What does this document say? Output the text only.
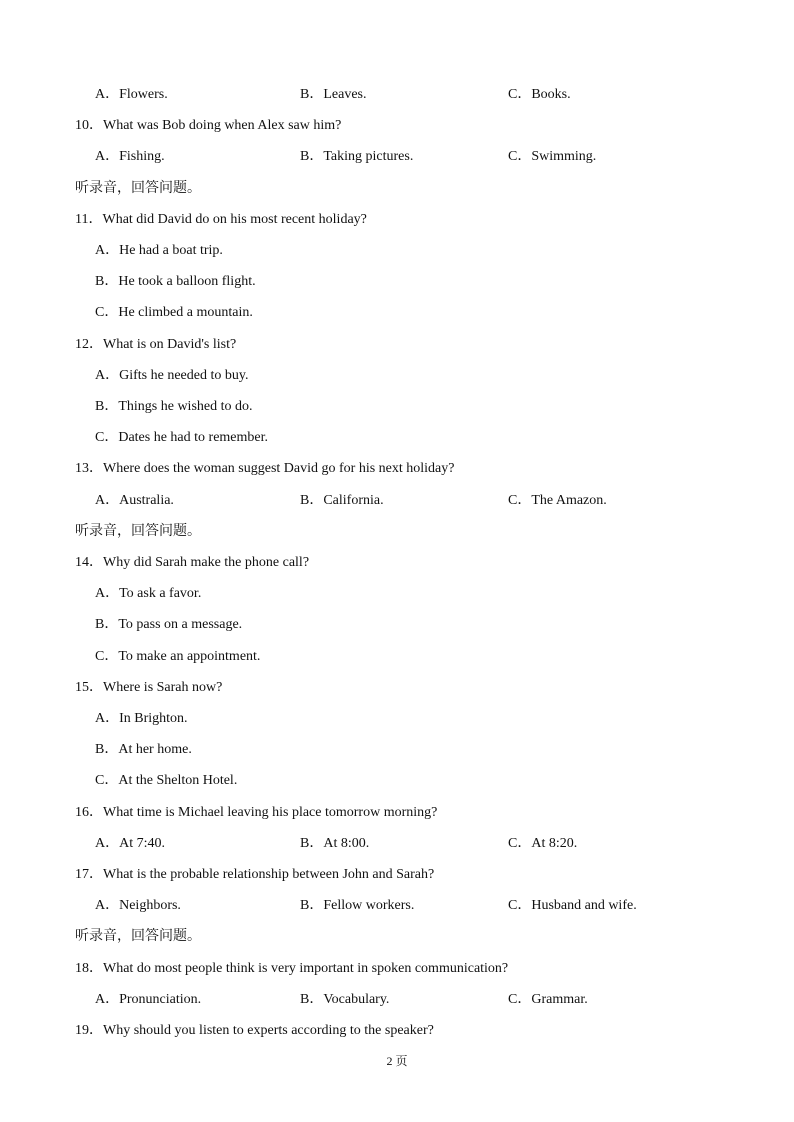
A．Flowers.	B．Leaves.	C．Books.
10．What was Bob doing when Alex saw him?
A．Fishing.	B．Taking pictures.	C．Swimming.
听录音，回答问题。
11．What did David do on his most recent holiday?
A．He had a boat trip.
B．He took a balloon flight.
C．He climbed a mountain.
12．What is on David's list?
A．Gifts he needed to buy.
B．Things he wished to do.
C．Dates he had to remember.
13．Where does the woman suggest David go for his next holiday?
A．Australia.	B．California.	C．The Amazon.
听录音，回答问题。
14．Why did Sarah make the phone call?
A．To ask a favor.
B．To pass on a message.
C．To make an appointment.
15．Where is Sarah now?
A．In Brighton.
B．At her home.
C．At the Shelton Hotel.
16．What time is Michael leaving his place tomorrow morning?
A．At 7:40.	B．At 8:00.	C．At 8:20.
17．What is the probable relationship between John and Sarah?
A．Neighbors.	B．Fellow workers.	C．Husband and wife.
听录音，回答问题。
18．What do most people think is very important in spoken communication?
A．Pronunciation.	B．Vocabulary.	C．Grammar.
19．Why should you listen to experts according to the speaker?
2 页
